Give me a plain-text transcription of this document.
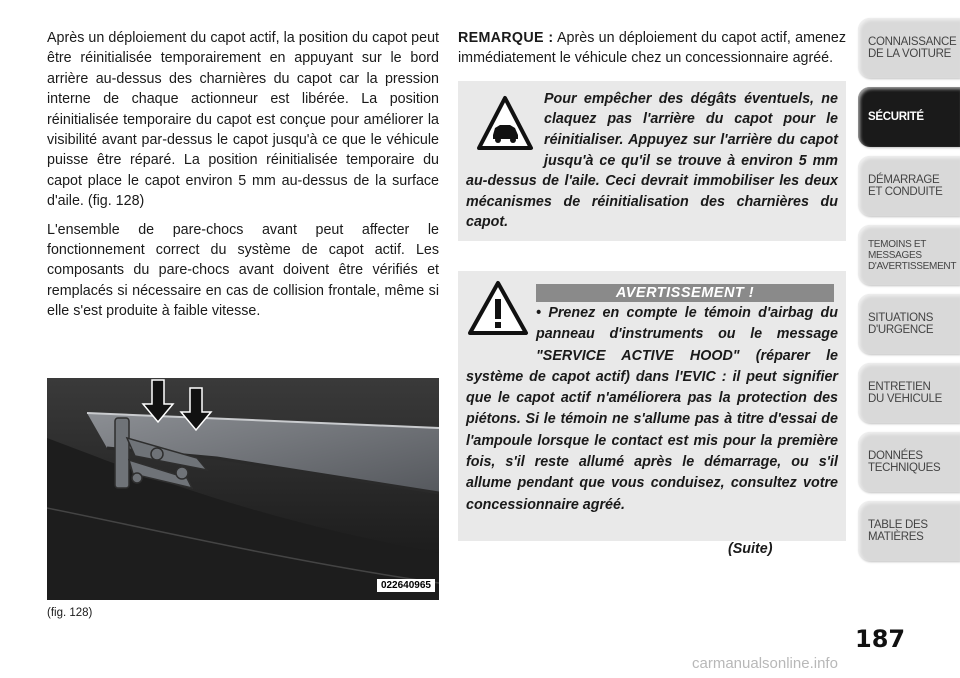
Après un déploiement du capot actif, la position du capot peut être réinitialisée temporairement en appuyant sur le bord arrière au-dessus des charnières du capot car la pression interne de chaque actionneur est libérée. La position réinitialisée temporaire du capot est conçue pour améliorer la visibilité avant par-dessus le capot jusqu'à ce que le véhicule puisse être réparé. La position réinitialisée temporaire du capot place le capot environ 5 mm au-dessus de la surface d'aile. (fig. 128)

L'ensemble de pare-chocs avant peut affecter le fonctionnement correct du système de capot actif. Les composants du pare-chocs avant doivent être vérifiés et remplacés si nécessaire en cas de collision frontale, même si elle s'est produite à faible vitesse.

022640965
(fig. 128)

REMARQUE : Après un déploiement du capot actif, amenez immédiatement le véhicule chez un concessionnaire agréé.

Pour empêcher des dégâts éventuels, ne claquez pas l'arrière du capot pour le réinitialiser. Appuyez sur l'arrière du capot jusqu'à ce qu'il se trouve à environ 5 mm au-dessus de l'aile. Ceci devrait immobiliser les deux mécanismes de réinitialisation des charnières du capot.
AVERTISSEMENT !
• Prenez en compte le témoin d'airbag du panneau d'instruments ou le message "SERVICE ACTIVE HOOD" (réparer le système de capot actif) dans l'EVIC : il peut signifier que le capot actif n'améliorera pas la protection des piétons. Si le témoin ne s'allume pas à titre d'essai de l'ampoule lorsque le contact est mis pour la première fois, s'il reste allumé après le démarrage, ou s'il allume pendant que vous conduisez, consultez votre concessionnaire agréé.
(Suite)
CONNAISSANCE
DE LA VOITURE
SÉCURITÉ
DÉMARRAGE
ET CONDUITE
TEMOINS ET
MESSAGES
D'AVERTISSEMENT
SITUATIONS
D'URGENCE
ENTRETIEN
DU VEHICULE
DONNÉES
TECHNIQUES
TABLE DES
MATIÈRES
187
carmanualsonline.info
